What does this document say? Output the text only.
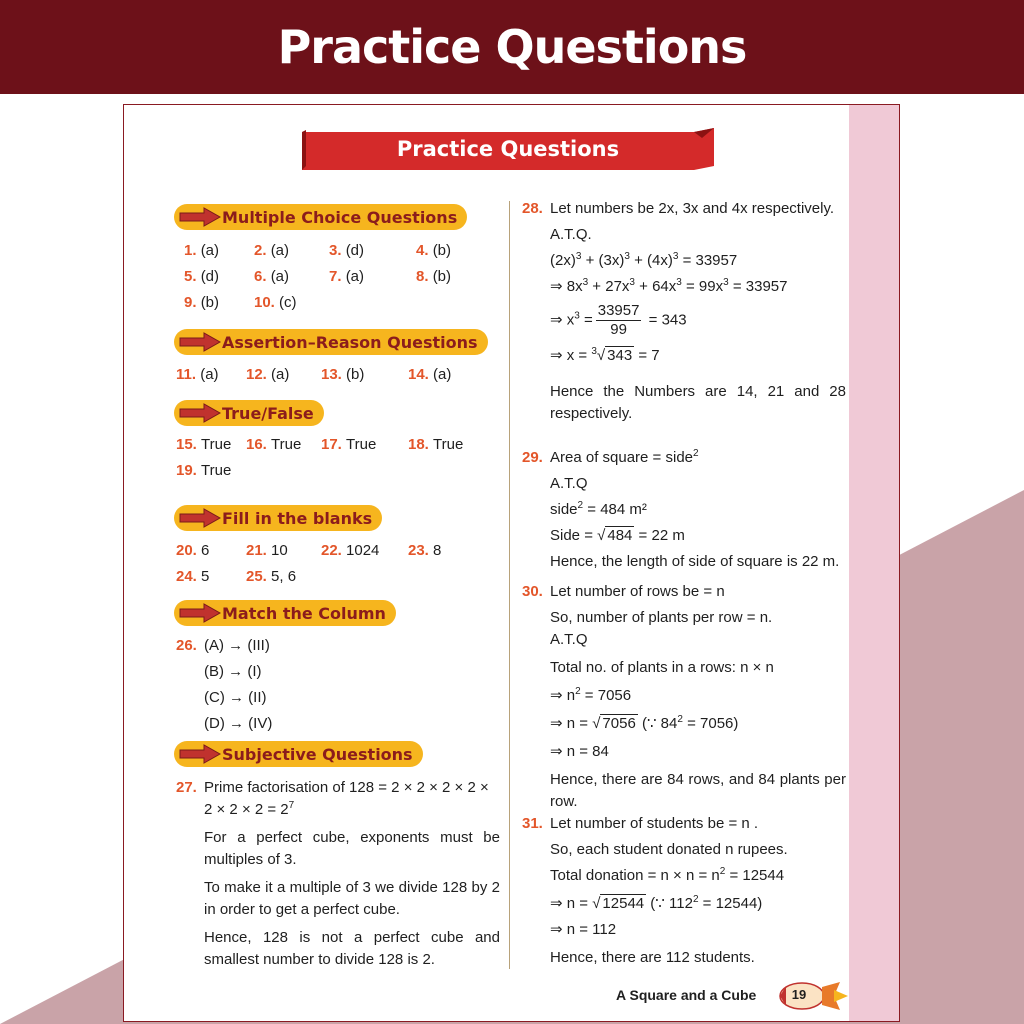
Practice Questions
Practice Questions
Multiple Choice Questions
1. (a) 2. (a)	3. (d)	4. (b)
5. (d) 6. (a)	7. (a)	8. (b)
9. (b) 10. (c)
Assertion–Reason Questions
11. (a) 12. (a) 13. (b)	14. (a)
True/False
15. True 16. True 17. True 18. True
19. True
Fill in the blanks
20. 6 21. 10 22. 1024 23. 8
24. 5 25. 5, 6
Match the Column
26. (A) → (III)
(B) → (I)
(C) → (II)
(D) → (IV)
Subjective Questions
27. Prime factorisation of 128 = 2 × 2 × 2 × 2 ×
$2 \times 2 \times 2 = 2^7$
For a perfect cube, exponents must be multiples of 3.
To make it a multiple of 3 we divide 128 by 2 in order to get a perfect cube.
Hence, 128 is not a perfect cube and smallest number to divide 128 is 2.
28. Let numbers be 2x, 3x and 4x respectively.
A.T.Q.
$(2x)^3 + (3x)^3 + (4x)^3 = 33957$
⇒ $8x^3 + 27x^3 + 64x^3 = 99x^3 = 33957$
⇒ $x^3 = \frac{33957}{99} = 343$
⇒ x = $^3$√ 343 = 7
Hence the Numbers are 14, 21 and 28 respectively.
29. Area of square = side$^2$
A.T.Q
side$^2$ = 484 m²
Side = √ 484 = 22 m
Hence, the length of side of square is 22 m.
30. Let number of rows be = n
So, number of plants per row = n.
A.T.Q
Total no. of plants in a rows: n × n
⇒ $n^2 = 7056$
⇒ n = √ 7056 (∵ $84^2 = 7056$)
⇒ n = 84
Hence, there are 84 rows, and 84 plants per row.
31. Let number of students be = n .
So, each student donated n rupees.
Total donation = $n \times n = n^2 = 12544$
⇒ n = √ 12544 (∵ $112^2 = 12544$)
⇒ n = 112
Hence, there are 112 students.
A Square and a Cube	19
